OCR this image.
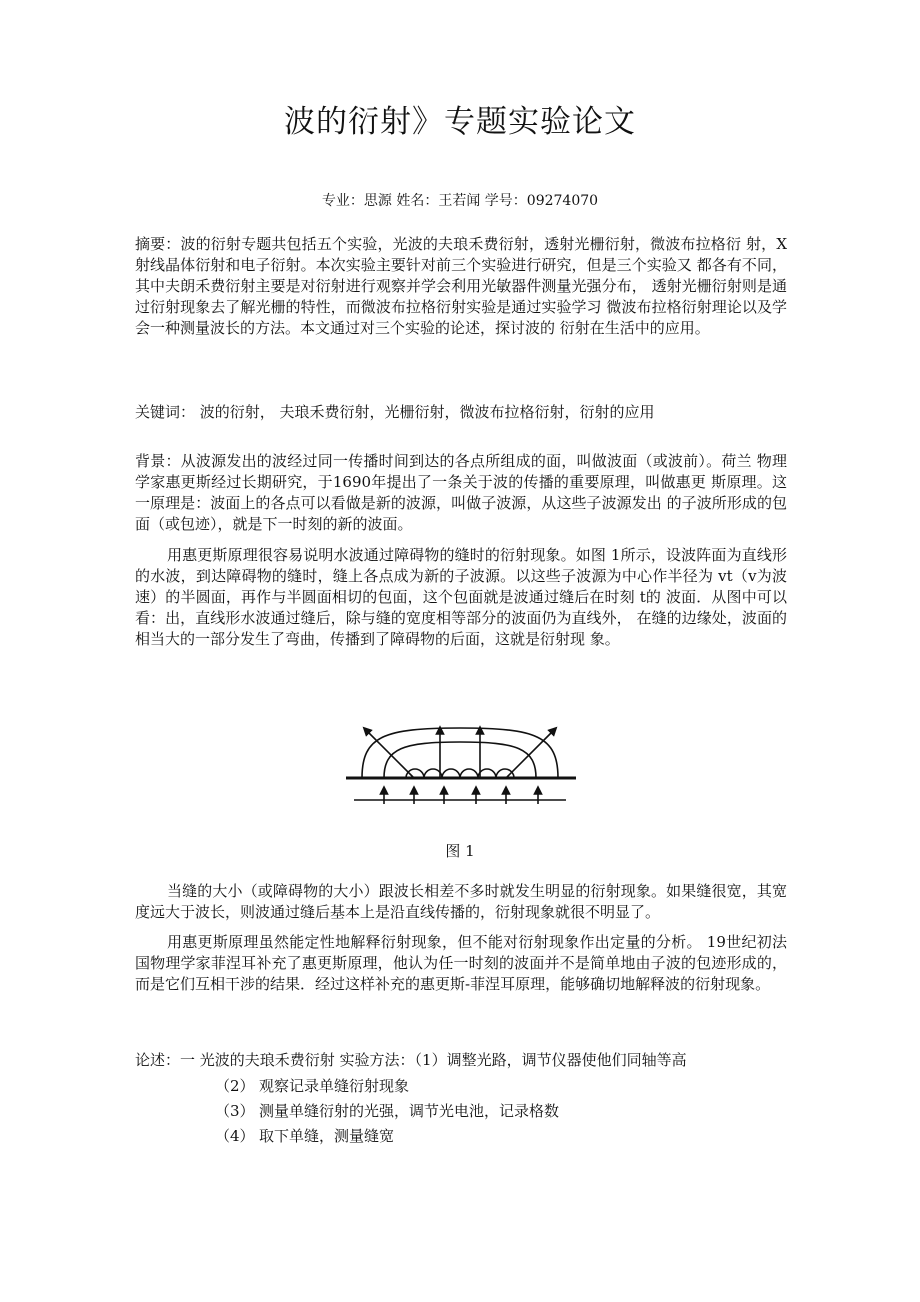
波的衍射》专题实验论文
专业：思源 姓名：王若闻 学号：09274070
摘要：波的衍射专题共包括五个实验，光波的夫琅禾费衍射，透射光栅衍射，微波布拉格衍 射，X射线晶体衍射和电子衍射。本次实验主要针对前三个实验进行研究，但是三个实验又 都各有不同，其中夫朗禾费衍射主要是对衍射进行观察并学会利用光敏器件测量光强分布， 透射光栅衍射则是通过衍射现象去了解光栅的特性，而微波布拉格衍射实验是通过实验学习 微波布拉格衍射理论以及学会一种测量波长的方法。本文通过对三个实验的论述，探讨波的 衍射在生活中的应用。
关键词： 波的衍射， 夫琅禾费衍射，光栅衍射，微波布拉格衍射，衍射的应用
背景：从波源发出的波经过同一传播时间到达的各点所组成的面，叫做波面（或波前）。荷兰 物理学家惠更斯经过长期研究，于1690年提出了一条关于波的传播的重要原理，叫做惠更 斯原理。这一原理是：波面上的各点可以看做是新的波源，叫做子波源，从这些子波源发出 的子波所形成的包面（或包迹），就是下一时刻的新的波面。
用惠更斯原理很容易说明水波通过障碍物的缝时的衍射现象。如图 1所示，设波阵面为直线形的水波，到达障碍物的缝时，缝上各点成为新的子波源。以这些子波源为中心作半径为 vt（v为波速）的半圆面，再作与半圆面相切的包面，这个包面就是波通过缝后在时刻 t的 波面．从图中可以看：出，直线形水波通过缝后，除与缝的宽度相等部分的波面仍为直线外， 在缝的边缘处，波面的相当大的一部分发生了弯曲，传播到了障碍物的后面，这就是衍射现 象。
图 1
当缝的大小（或障碍物的大小）跟波长相差不多时就发生明显的衍射现象。如果缝很宽，其宽度远大于波长，则波通过缝后基本上是沿直线传播的，衍射现象就很不明显了。
用惠更斯原理虽然能定性地解释衍射现象，但不能对衍射现象作出定量的分析。 19世纪初法国物理学家菲涅耳补充了惠更斯原理，他认为任一时刻的波面并不是简单地由子波的包迹形成的，而是它们互相干涉的结果．经过这样补充的惠更斯-菲涅耳原理，能够确切地解释波的衍射现象。
论述：一 光波的夫琅禾费衍射 实验方法：（1）调整光路，调节仪器使他们同轴等高
（2） 观察记录单缝衍射现象
（3） 测量单缝衍射的光强，调节光电池，记录格数
（4） 取下单缝，测量缝宽
